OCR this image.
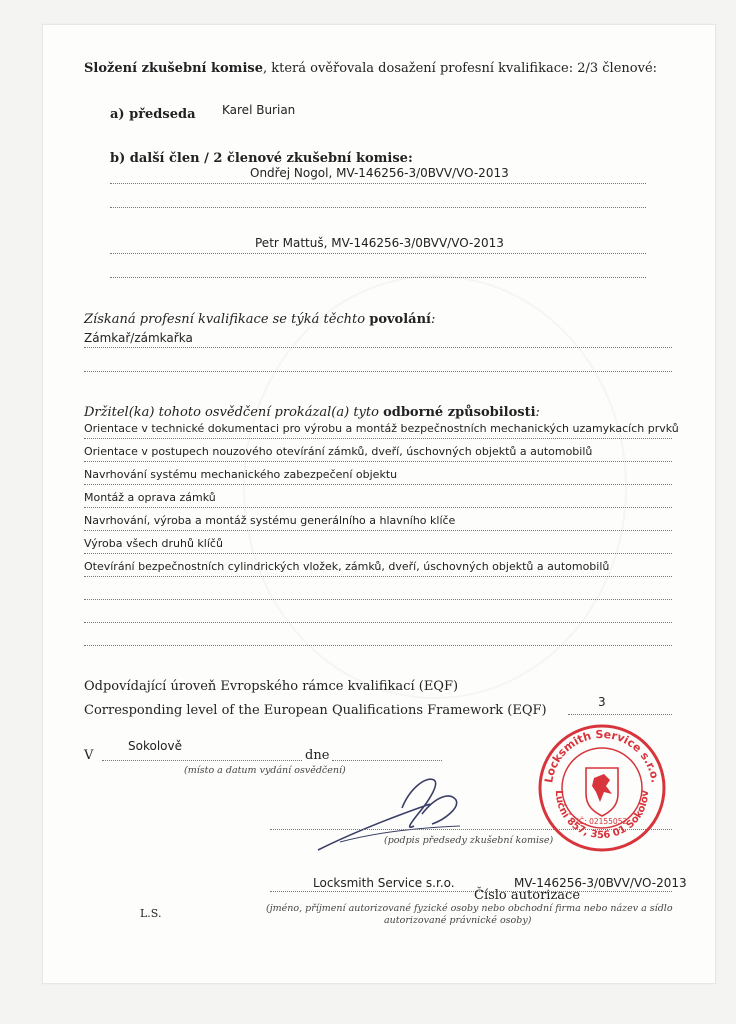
Složení zkušební komise, která ověřovala dosažení profesní kvalifikace: 2/3 členové:
a) předseda Karel Burian
b) další člen / 2 členové zkušební komise:
Ondřej Nogol, MV-146256-3/0BVV/VO-2013
Petr Mattuš, MV-146256-3/0BVV/VO-2013
Získaná profesní kvalifikace se týká těchto povolání:
Zámkař/zámkařka
Držitel(ka) tohoto osvědčení prokázal(a) tyto odborné způsobilosti:
Orientace v technické dokumentaci pro výrobu a montáž bezpečnostních mechanických uzamykacích prvků
Orientace v postupech nouzového otevírání zámků, dveří, úschovných objektů a automobilů
Navrhování systému mechanického zabezpečení objektu
Montáž a oprava zámků
Navrhování, výroba a montáž systému generálního a hlavního klíče
Výroba všech druhů klíčů
Otevírání bezpečnostních cylindrických vložek, zámků, dveří, úschovných objektů a automobilů
Odpovídající úroveň Evropského rámce kvalifikací (EQF)
Corresponding level of the European Qualifications Framework (EQF)
3
V
Sokolově
dne
(místo a datum vydání osvědčení)
(podpis předsedy zkušební komise)
Locksmith Service s.r.o.
Luční 857, 356 01 Sokolov
IČ: 02155052
Locksmith Service s.r.o.	MV-146256-3/0BVV/VO-2013
Číslo autorizace
L.S.	(jméno, příjmení autorizované fyzické osoby nebo obchodní firma nebo název a sídlo
autorizované právnické osoby)
